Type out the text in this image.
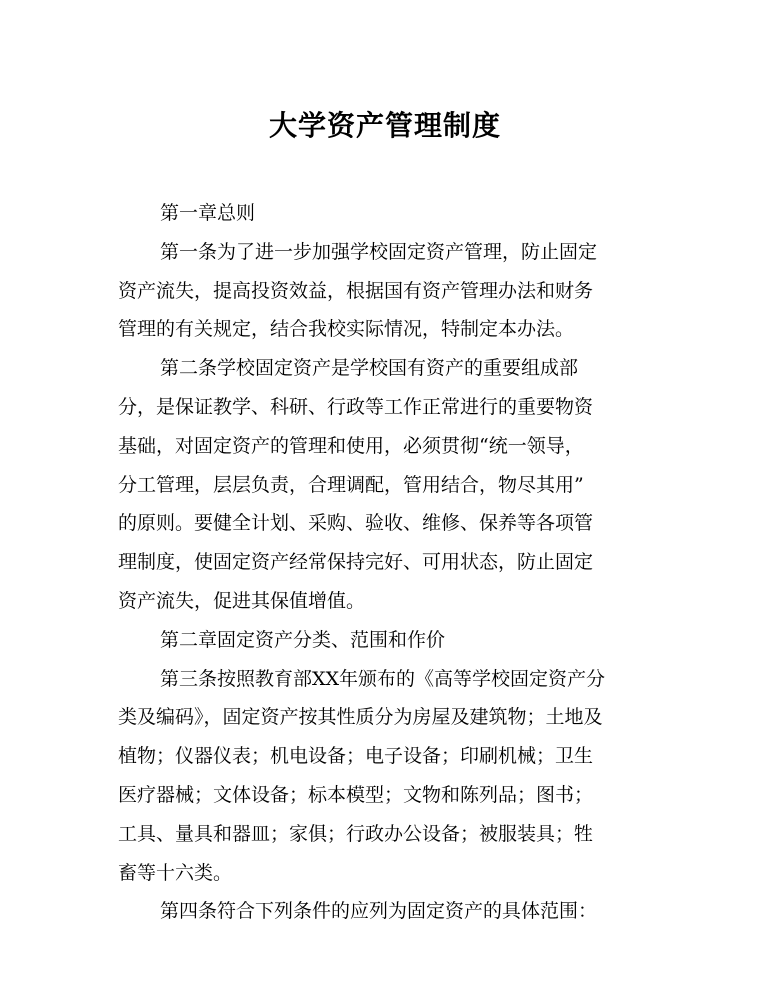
大学资产管理制度
第一章总则
第一条为了进一步加强学校固定资产管理，防止固定
资产流失，提高投资效益，根据国有资产管理办法和财务
管理的有关规定，结合我校实际情况，特制定本办法。
第二条学校固定资产是学校国有资产的重要组成部
分，是保证教学、科研、行政等工作正常进行的重要物资
基础，对固定资产的管理和使用，必须贯彻“统一领导，
分工管理，层层负责，合理调配，管用结合，物尽其用”
的原则。要健全计划、采购、验收、维修、保养等各项管
理制度，使固定资产经常保持完好、可用状态，防止固定
资产流失，促进其保值增值。
第二章固定资产分类、范围和作价
第三条按照教育部XX年颁布的《高等学校固定资产分
类及编码》，固定资产按其性质分为房屋及建筑物；土地及
植物；仪器仪表；机电设备；电子设备；印刷机械；卫生
医疗器械；文体设备；标本模型；文物和陈列品；图书；
工具、量具和器皿；家俱；行政办公设备；被服装具；牲
畜等十六类。
第四条符合下列条件的应列为固定资产的具体范围：
